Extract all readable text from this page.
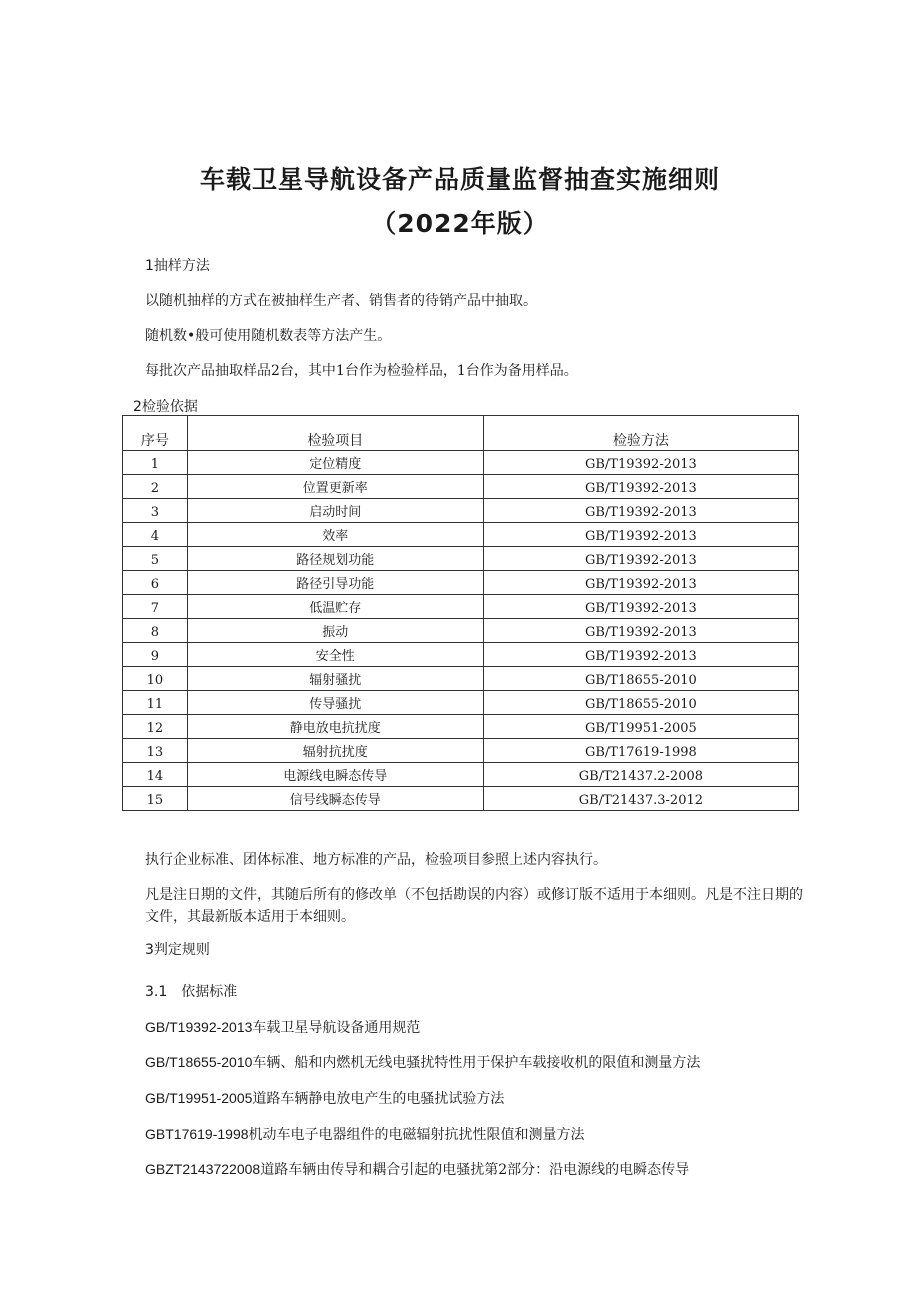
车载卫星导航设备产品质量监督抽查实施细则
（2022年版）
1抽样方法
以随机抽样的方式在被抽样生产者、销售者的待销产品中抽取。
随机数•般可使用随机数表等方法产生。
每批次产品抽取样品2台，其中1台作为检验样品，1台作为备用样品。
2检验依据
序号	检验项目	检验方法
1	定位精度	GB/T19392-2013
2	位置更新率	GB/T19392-2013
3	启动时间	GB/T19392-2013
4	效率	GB/T19392-2013
5	路径规划功能	GB/T19392-2013
6	路径引导功能	GB/T19392-2013
7	低温贮存	GB/T19392-2013
8	振动	GB/T19392-2013
9	安全性	GB/T19392-2013
10	辐射骚扰	GB/T18655-2010
11	传导骚扰	GB/T18655-2010
12	静电放电抗扰度	GB/T19951-2005
13	辐射抗扰度	GB/T17619-1998
14	电源线电瞬态传导	GB/T21437.2-2008
15	信号线瞬态传导	GB/T21437.3-2012
执行企业标准、团体标准、地方标准的产品，检验项目参照上述内容执行。
凡是注日期的文件，其随后所有的修改单（不包括勘误的内容）或修订版不适用于本细则。凡是不注日期的文件，其最新版本适用于本细则。
3判定规则
3.1　依据标准
GB/T19392-2013车载卫星导航设备通用规范
GB/T18655-2010车辆、船和内燃机无线电骚扰特性用于保护车载接收机的限值和测量方法
GB/T19951-2005道路车辆静电放电产生的电骚扰试验方法
GBT17619-1998机动车电子电器组件的电磁辐射抗扰性限值和测量方法
GBZT2143722008道路车辆由传导和耦合引起的电骚扰第2部分：沿电源线的电瞬态传导
